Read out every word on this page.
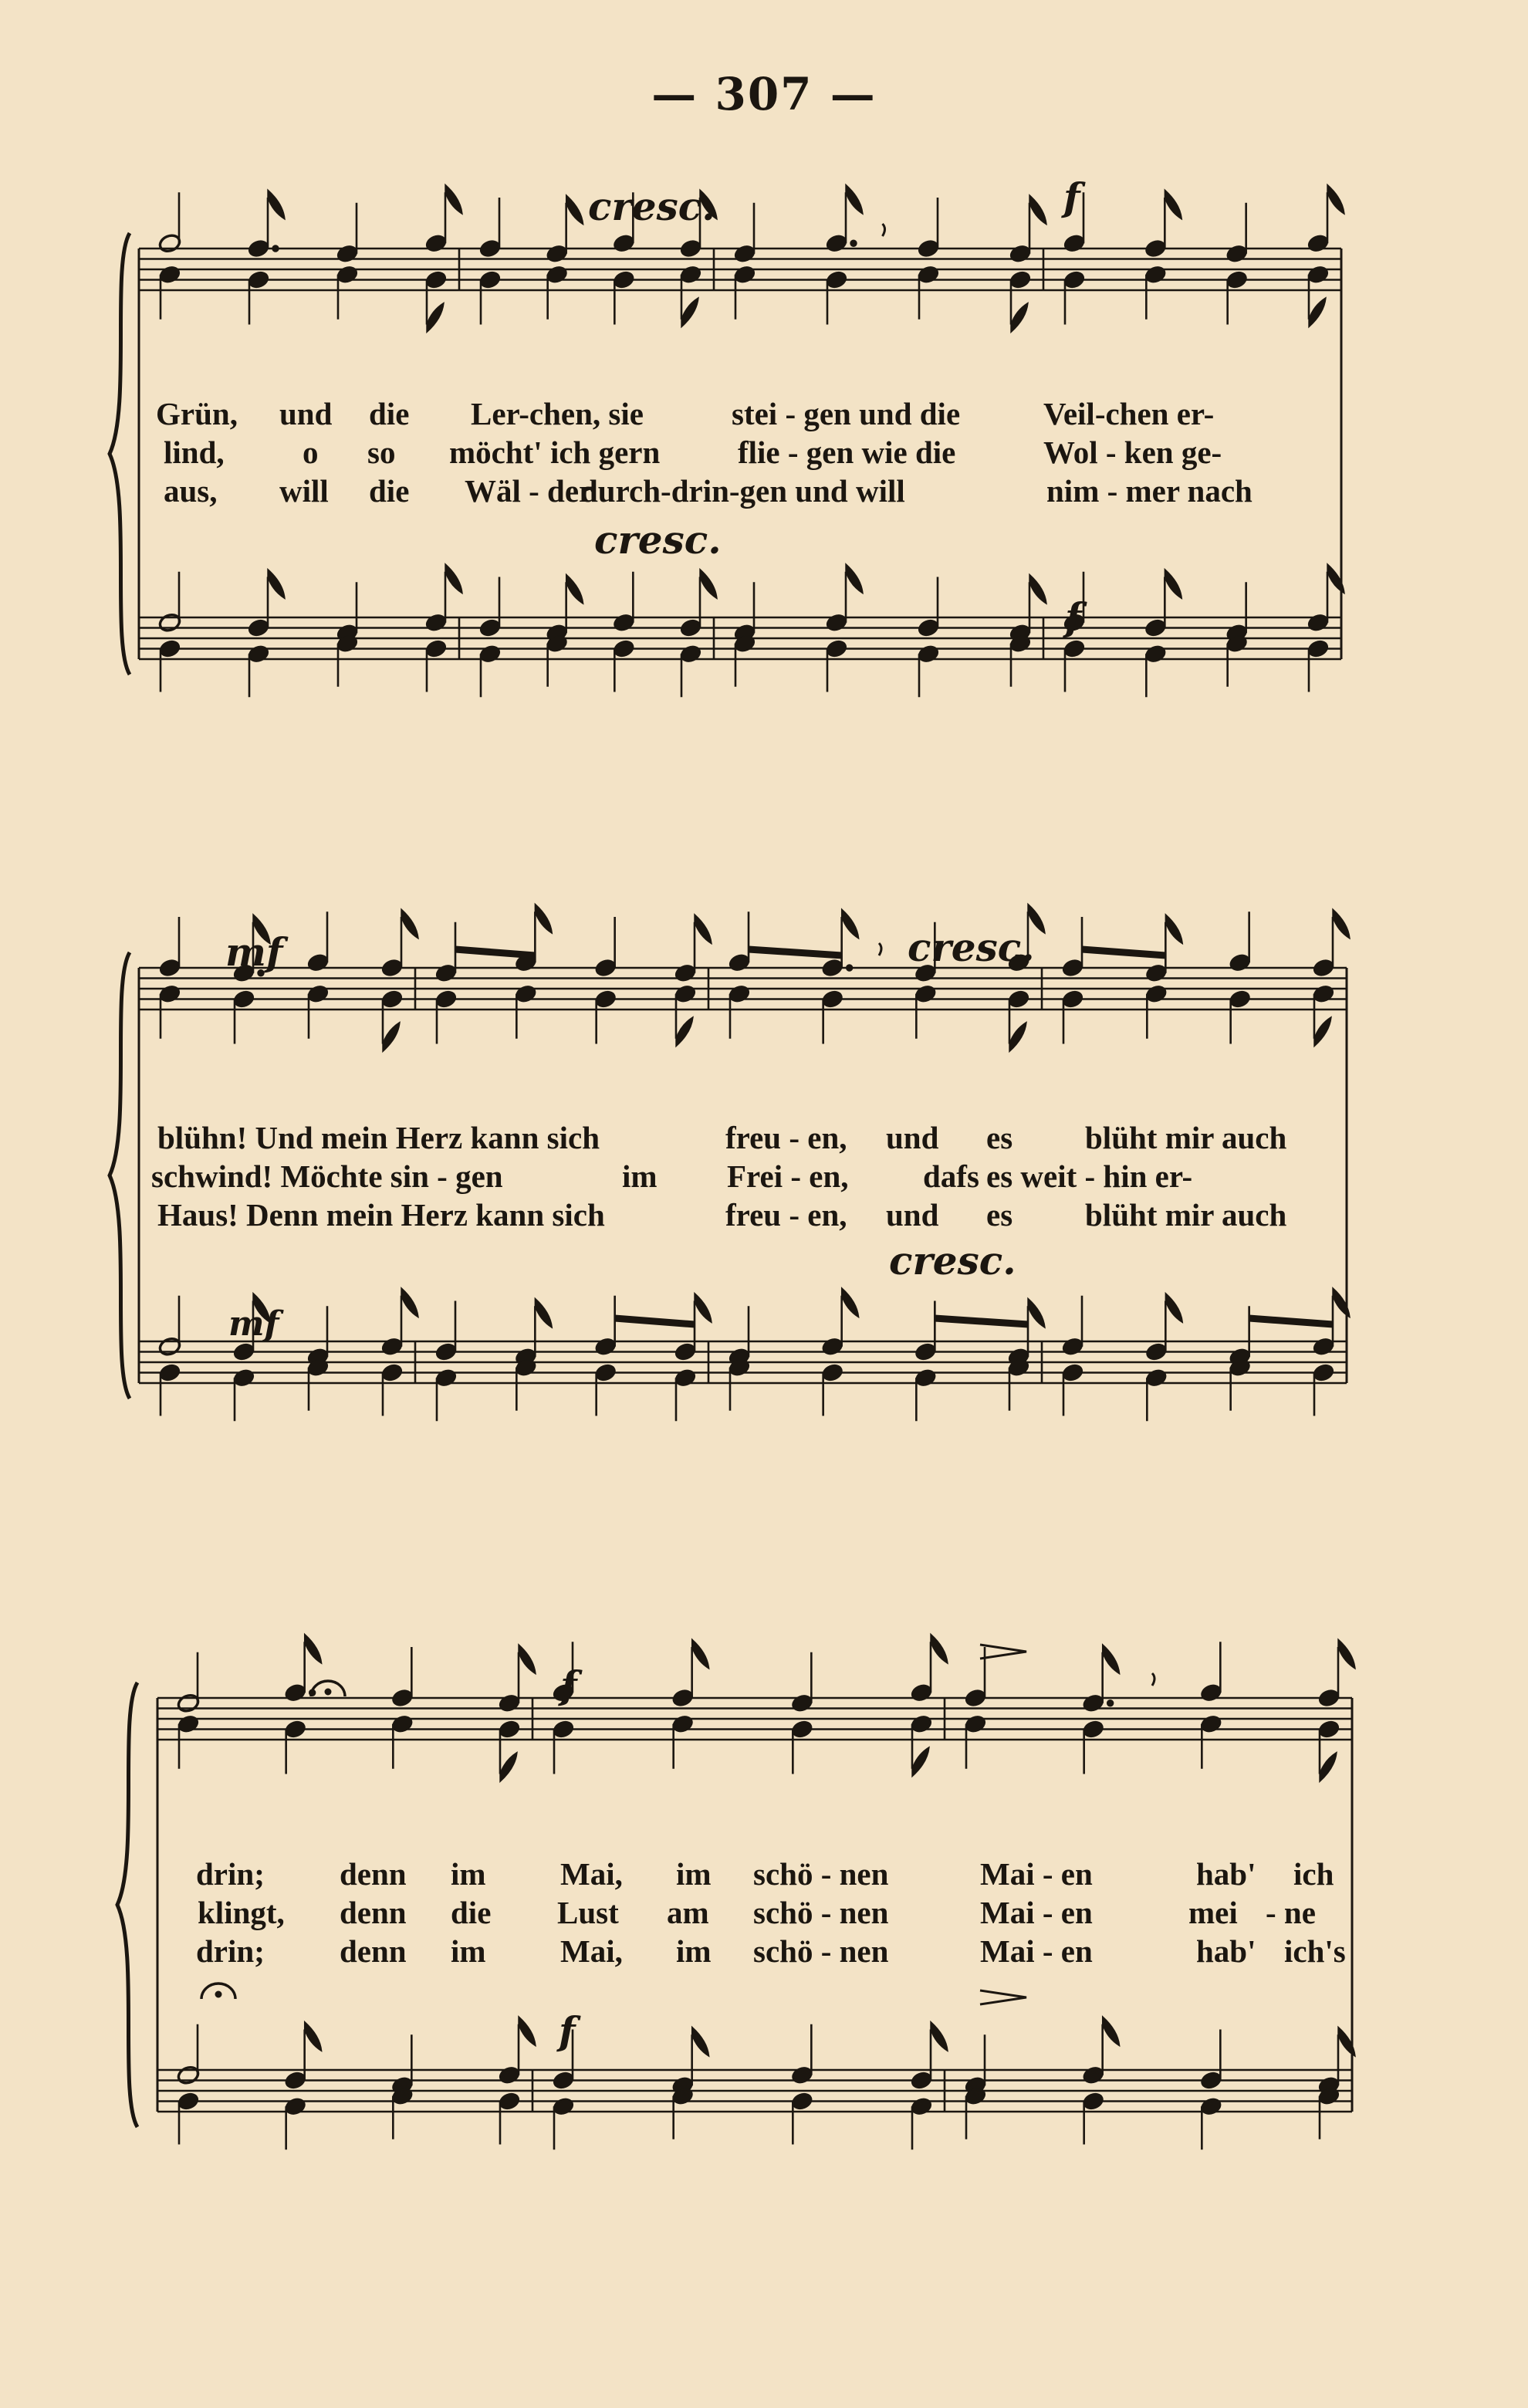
— 307 —
cresc.	f
cresc.
f
Grün, und die Ler-chen, sie	stei - gen und die	Veil-chen er-
lind, o so möcht' ich gern flie - gen wie die	Wol - ken ge-
aus, will die Wäl - der
durch-drin-gen und will	nim - mer nach
mf	cresc.
mf
cresc.
blühn! Und mein Herz kann sich	freu - en, und es blüht mir auch
schwind! Möchte sin - gen	im Frei - en, dafs es weit - hin er-
Haus! Denn mein Herz kann sich	freu - en, und es blüht mir auch
f
f
drin; denn im Mai, im schö - nen	Mai - en	hab' ich
klingt, denn die Lust am schö - nen	Mai - en	mei - ne
drin; denn im Mai, im schö - nen	Mai - en	hab' ich's
